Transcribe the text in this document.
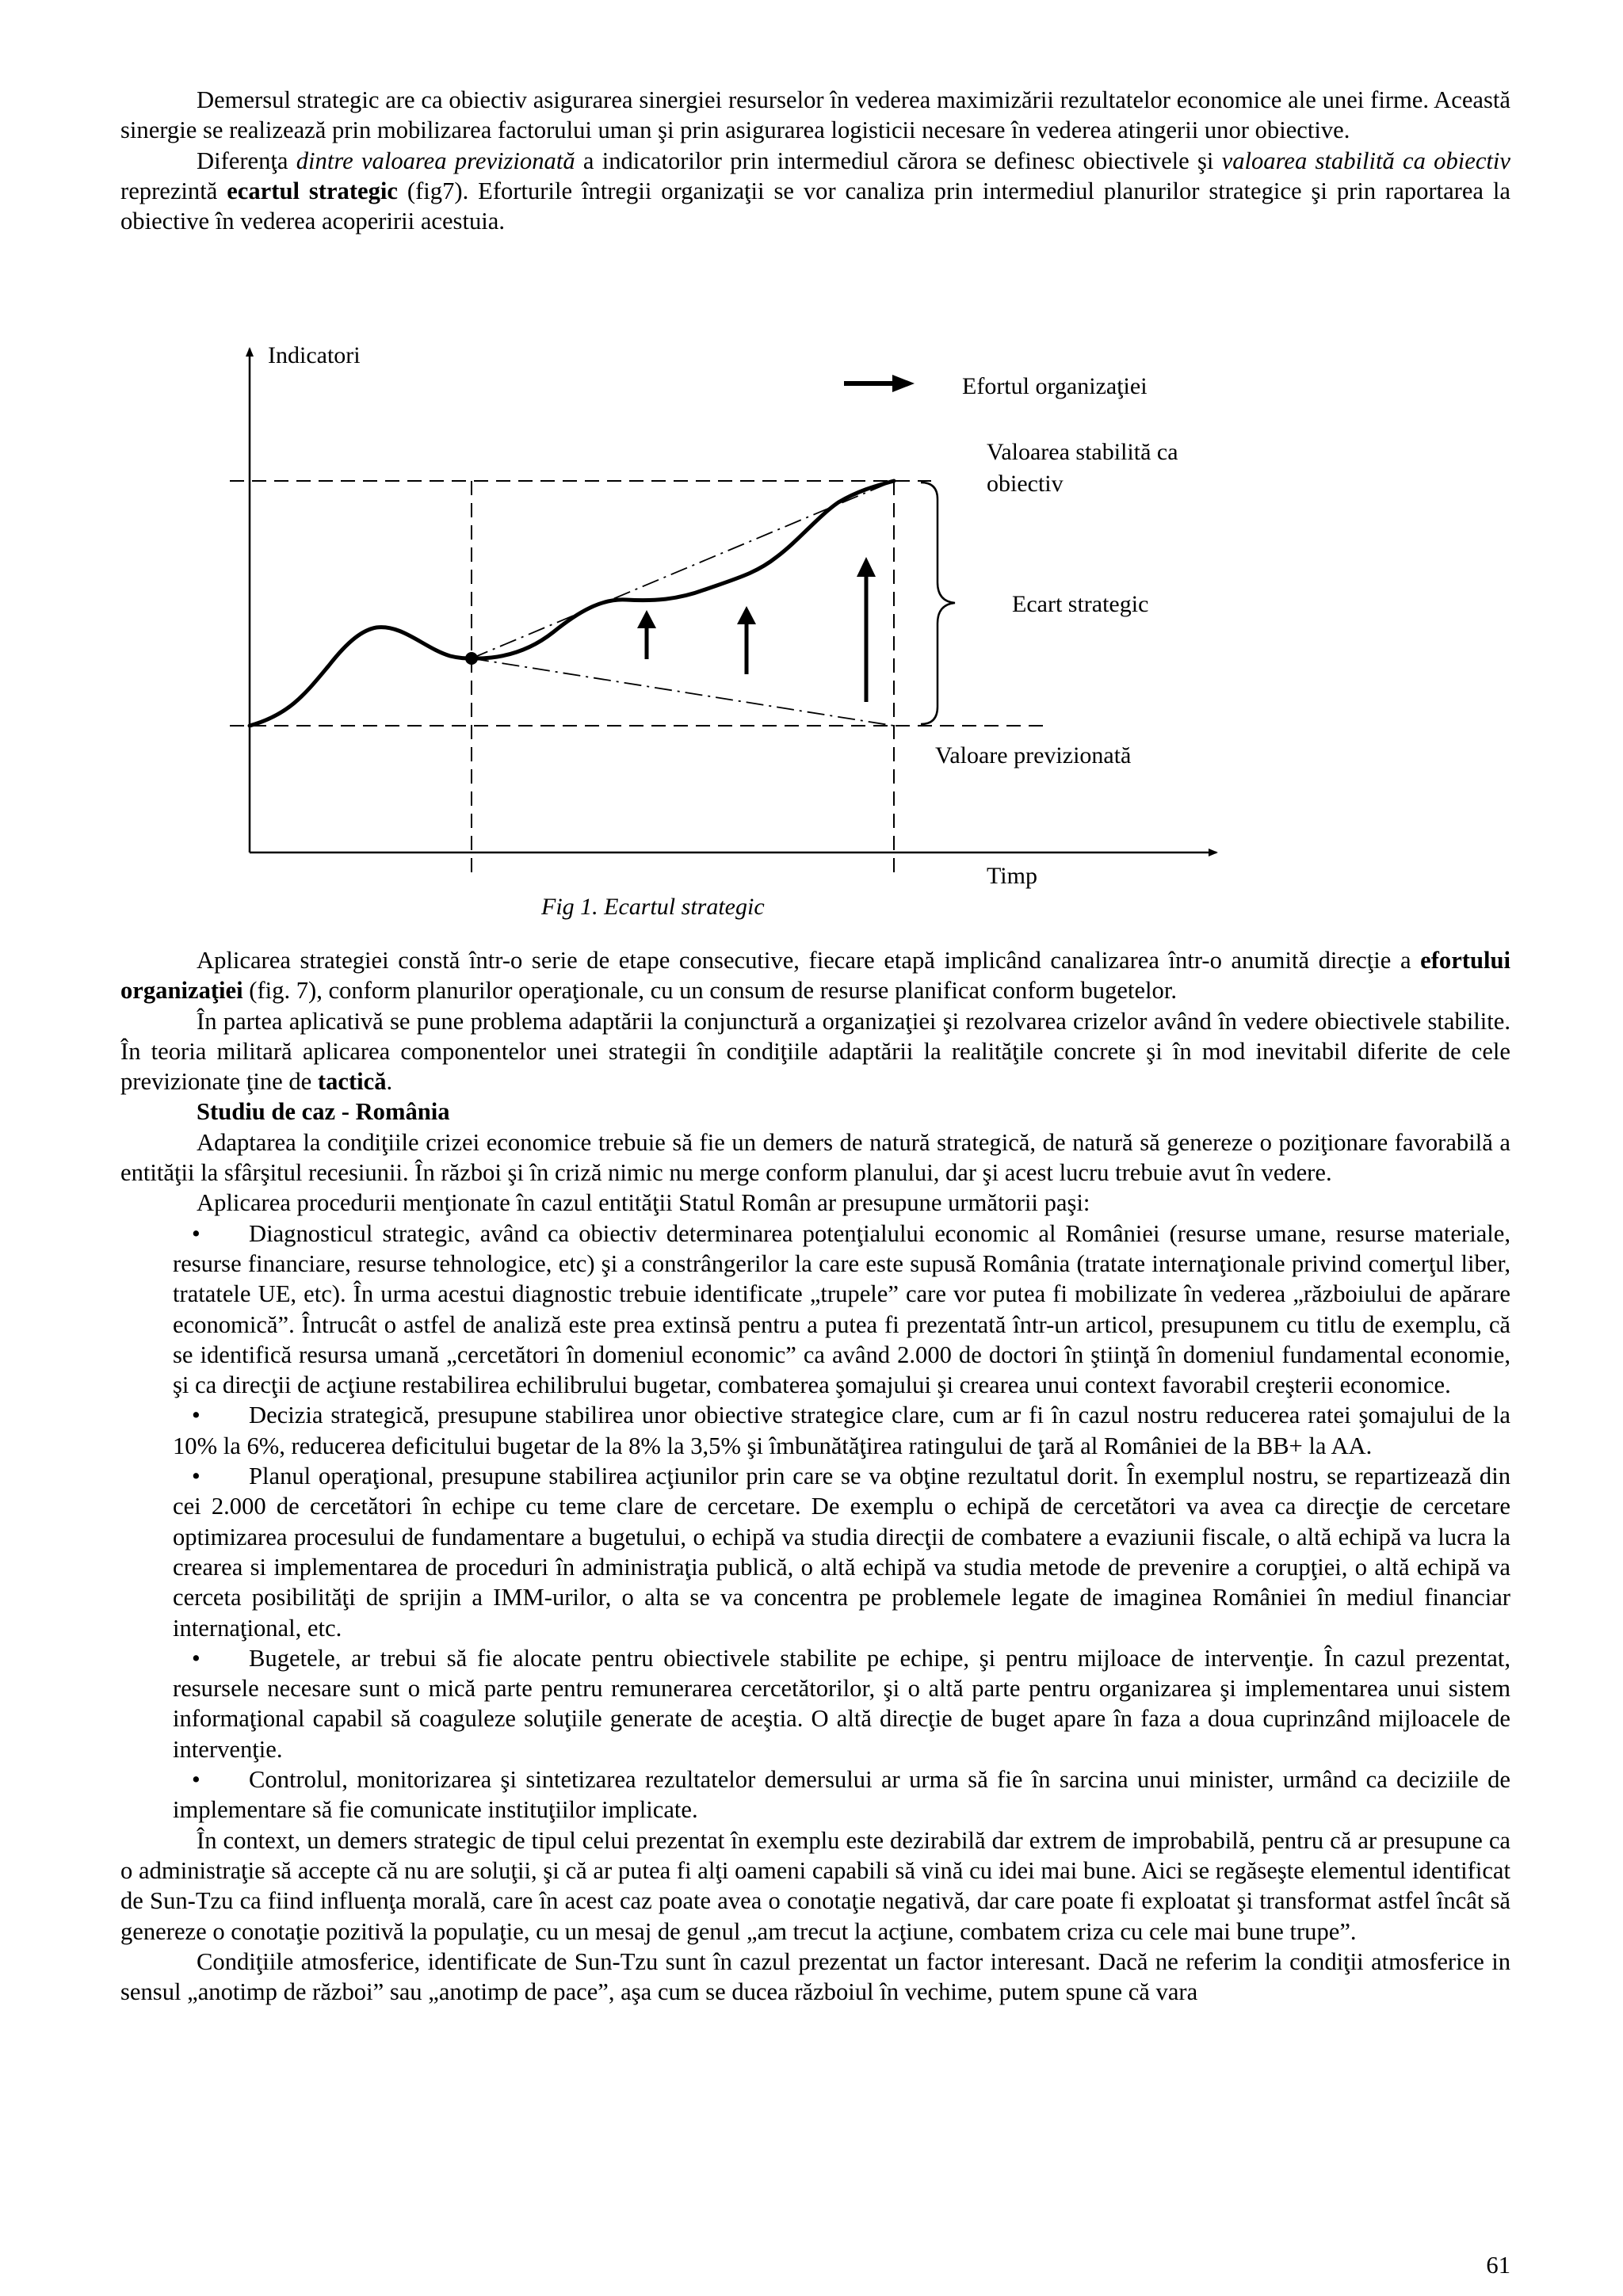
Demersul strategic are ca obiectiv asigurarea sinergiei resurselor în vederea maximizării rezultatelor economice ale unei firme. Această sinergie se realizează prin mobilizarea factorului uman şi prin asigurarea logisticii necesare în vederea atingerii unor obiective.

Diferenţa dintre valoarea previzionată a indicatorilor prin intermediul cărora se definesc obiectivele şi valoarea stabilită ca obiectiv reprezintă ecartul strategic (fig7). Eforturile întregii organizaţii se vor canaliza prin intermediul planurilor strategice şi prin raportarea la obiective în vederea acoperirii acestuia.

Indicatori
Efortul organizaţiei
Valoarea stabilită ca
obiectiv
Ecart strategic
Valoare previzionată
Timp
Fig 1. Ecartul strategic

Aplicarea strategiei constă într-o serie de etape consecutive, fiecare etapă implicând canalizarea într-o anumită direcţie a efortului organizaţiei (fig. 7), conform planurilor operaţionale, cu un consum de resurse planificat conform bugetelor.

În partea aplicativă se pune problema adaptării la conjunctură a organizaţiei şi rezolvarea crizelor având în vedere obiectivele stabilite. În teoria militară aplicarea componentelor unei strategii în condiţiile adaptării la realităţile concrete şi în mod inevitabil diferite de cele previzionate ţine de tactică.

Studiu de caz - România

Adaptarea la condiţiile crizei economice trebuie să fie un demers de natură strategică, de natură să genereze o poziţionare favorabilă a entităţii la sfârşitul recesiunii. În război şi în criză nimic nu merge conform planului, dar şi acest lucru trebuie avut în vedere.

Aplicarea procedurii menţionate în cazul entităţii Statul Român ar presupune următorii paşi:

• Diagnosticul strategic, având ca obiectiv determinarea potenţialului economic al României (resurse umane, resurse materiale, resurse financiare, resurse tehnologice, etc) şi a constrângerilor la care este supusă România (tratate internaţionale privind comerţul liber, tratatele UE, etc). În urma acestui diagnostic trebuie identificate „trupele” care vor putea fi mobilizate în vederea „războiului de apărare economică”. Întrucât o astfel de analiză este prea extinsă pentru a putea fi prezentată într-un articol, presupunem cu titlu de exemplu, că se identifică resursa umană „cercetători în domeniul economic” ca având 2.000 de doctori în ştiinţă în domeniul fundamental economie, şi ca direcţii de acţiune restabilirea echilibrului bugetar, combaterea şomajului şi crearea unui context favorabil creşterii economice.

• Decizia strategică, presupune stabilirea unor obiective strategice clare, cum ar fi în cazul nostru reducerea ratei şomajului de la 10% la 6%, reducerea deficitului bugetar de la 8% la 3,5% şi îmbunătăţirea ratingului de ţară al României de la BB+ la AA.

• Planul operaţional, presupune stabilirea acţiunilor prin care se va obţine rezultatul dorit. În exemplul nostru, se repartizează din cei 2.000 de cercetători în echipe cu teme clare de cercetare. De exemplu o echipă de cercetători va avea ca direcţie de cercetare optimizarea procesului de fundamentare a bugetului, o echipă va studia direcţii de combatere a evaziunii fiscale, o altă echipă va lucra la crearea si implementarea de proceduri în administraţia publică, o altă echipă va studia metode de prevenire a corupţiei, o altă echipă va cerceta posibilităţi de sprijin a IMM-urilor, o alta se va concentra pe problemele legate de imaginea României în mediul financiar internaţional, etc.

• Bugetele, ar trebui să fie alocate pentru obiectivele stabilite pe echipe, şi pentru mijloace de intervenţie. În cazul prezentat, resursele necesare sunt o mică parte pentru remunerarea cercetătorilor, şi o altă parte pentru organizarea şi implementarea unui sistem informaţional capabil să coaguleze soluţiile generate de aceştia. O altă direcţie de buget apare în faza a doua cuprinzând mijloacele de intervenţie.

• Controlul, monitorizarea şi sintetizarea rezultatelor demersului ar urma să fie în sarcina unui minister, urmând ca deciziile de implementare să fie comunicate instituţiilor implicate.

În context, un demers strategic de tipul celui prezentat în exemplu este dezirabilă dar extrem de improbabilă, pentru că ar presupune ca o administraţie să accepte că nu are soluţii, şi că ar putea fi alţi oameni capabili să vină cu idei mai bune. Aici se regăseşte elementul identificat de Sun-Tzu ca fiind influenţa morală, care în acest caz poate avea o conotaţie negativă, dar care poate fi exploatat şi transformat astfel încât să genereze o conotaţie pozitivă la populaţie, cu un mesaj de genul „am trecut la acţiune, combatem criza cu cele mai bune trupe”.

Condiţiile atmosferice, identificate de Sun-Tzu sunt în cazul prezentat un factor interesant. Dacă ne referim la condiţii atmosferice in sensul „anotimp de război” sau „anotimp de pace”, aşa cum se ducea războiul în vechime, putem spune că vara

61
